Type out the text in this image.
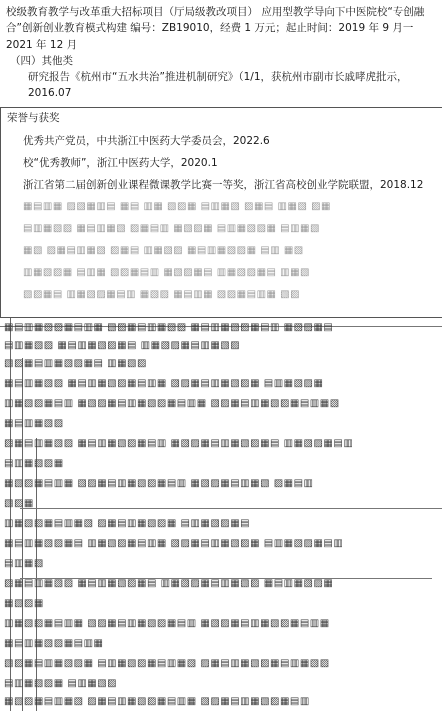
校级教育教学与改革重大招标项目（厅局级教改项目） 应用型教学导向下中医院校“专创融合”创新创业教育模式构建 编号：ZB19010，经费 1 万元；起止时间：2019 年 9 月一2021 年 12 月

（四）其他类

研究报告《杭州市“五水共治”推进机制研究》（1/1，获杭州市副市长戚哮虎批示，2016.07

荣誉与获奖

优秀共产党员，中共浙江中医药大学委员会，2022.6

校“优秀教师”，浙江中医药大学，2020.1

浙江省第二届创新创业课程微课教学比赛一等奖，浙江省高校创业学院联盟，2018.12

▦▤▥▦ ▨▧▦▥▤ ▦▤ ▥▦ ▧▨▦ ▤▥▦▧ ▨▦▤ ▥▦▧ ▨▦
▤▥▦▧▨ ▦▤▥▦▧ ▨▦▤▥ ▦▧▨▦ ▤▥▦▧▨▦ ▤▥▦▧
▦▧ ▨▦▤▥▦▧ ▨▦▤ ▥▦▧▨ ▦▤▥▦▧▨▦ ▤▥ ▦▧
▥▦▧▨▦ ▤▥▦ ▧▨▦▤▥ ▦▧▨▦▤ ▥▦▧▨▦▤ ▥▦▧
▧▨▦▤ ▥▦▧▨▦▤▥ ▦▧▨ ▦▤▥▦ ▧▨▦▤▥▦ ▧▨
▦▤▥▦▧▨▦▤▥▦ ▧▨▦▤▥▦▧▨ ▦▤▥▦▧▨▦▤▥ ▦▧▨▦▤
▤▥▦▧▨ ▦▤▥▦▧▨▦▤ ▥▦▧▨▦▤▥▦▧▨
▧▨▦▤▥▦▧▨▦▤ ▥▦▧▨
▦▤▥▦▧▨ ▦▤▥▦▧▨▦▤▥▦ ▧▨▦▤▥▦▧▨▦ ▤▥▦▧▨▦
▥▦▧▨▦▤▥ ▦▧▨▦▤▥▦▧▨▦▤▥▦ ▧▨▦▤▥▦▧▨▦▤▥▦▧
▦▤▥▦▧▨
▨▦▤▥▦▧▨ ▦▤▥▦▧▨▦▤▥ ▦▧▨▦▤▥▦▧▨▦▤ ▥▦▧▨▦▤▥
▤▥▦▧▨▦
▦▧▨▦▤▥▦ ▧▨▦▤▥▦▧▨▦▤▥ ▦▧▨▦▤▥▦▧ ▨▦▤▥
▧▨▦
▥▦▧▨▦▤▥▦▧ ▨▦▤▥▦▧▨▦ ▤▥▦▧▨▦▤
▦▤▥▦▧▨▦▤ ▥▦▧▨▦▤▥▦ ▧▨▦▤▥▦▧▨▦ ▤▥▦▧▨▦▤▥
▤▥▦▧
▨▦▤▥▦▧▨ ▦▤▥▦▧▨▦▤ ▥▦▧▨▦▤▥▦▧▨ ▦▤▥▦▧▨▦
▦▧▨▦
▥▦▧▨▦▤▥▦ ▧▨▦▤▥▦▧▨▦▤▥ ▦▧▨▦▤▥▦▧▨▦▤▥▦
▦▤▥▦▧▨▦▤▥▦
▧▨▦▤▥▦▧▨▦ ▤▥▦▧▨▦▤▥▦▧ ▨▦▤▥▦▧▨▦▤▥▦▧▨
▤▥▦▧▨▦ ▤▥▦▧▨
▦▧▨▦▤▥▦▧ ▨▦▤▥▦▧▨▦▤▥▦ ▧▨▦▤▥▦▧▨▦▤▥
